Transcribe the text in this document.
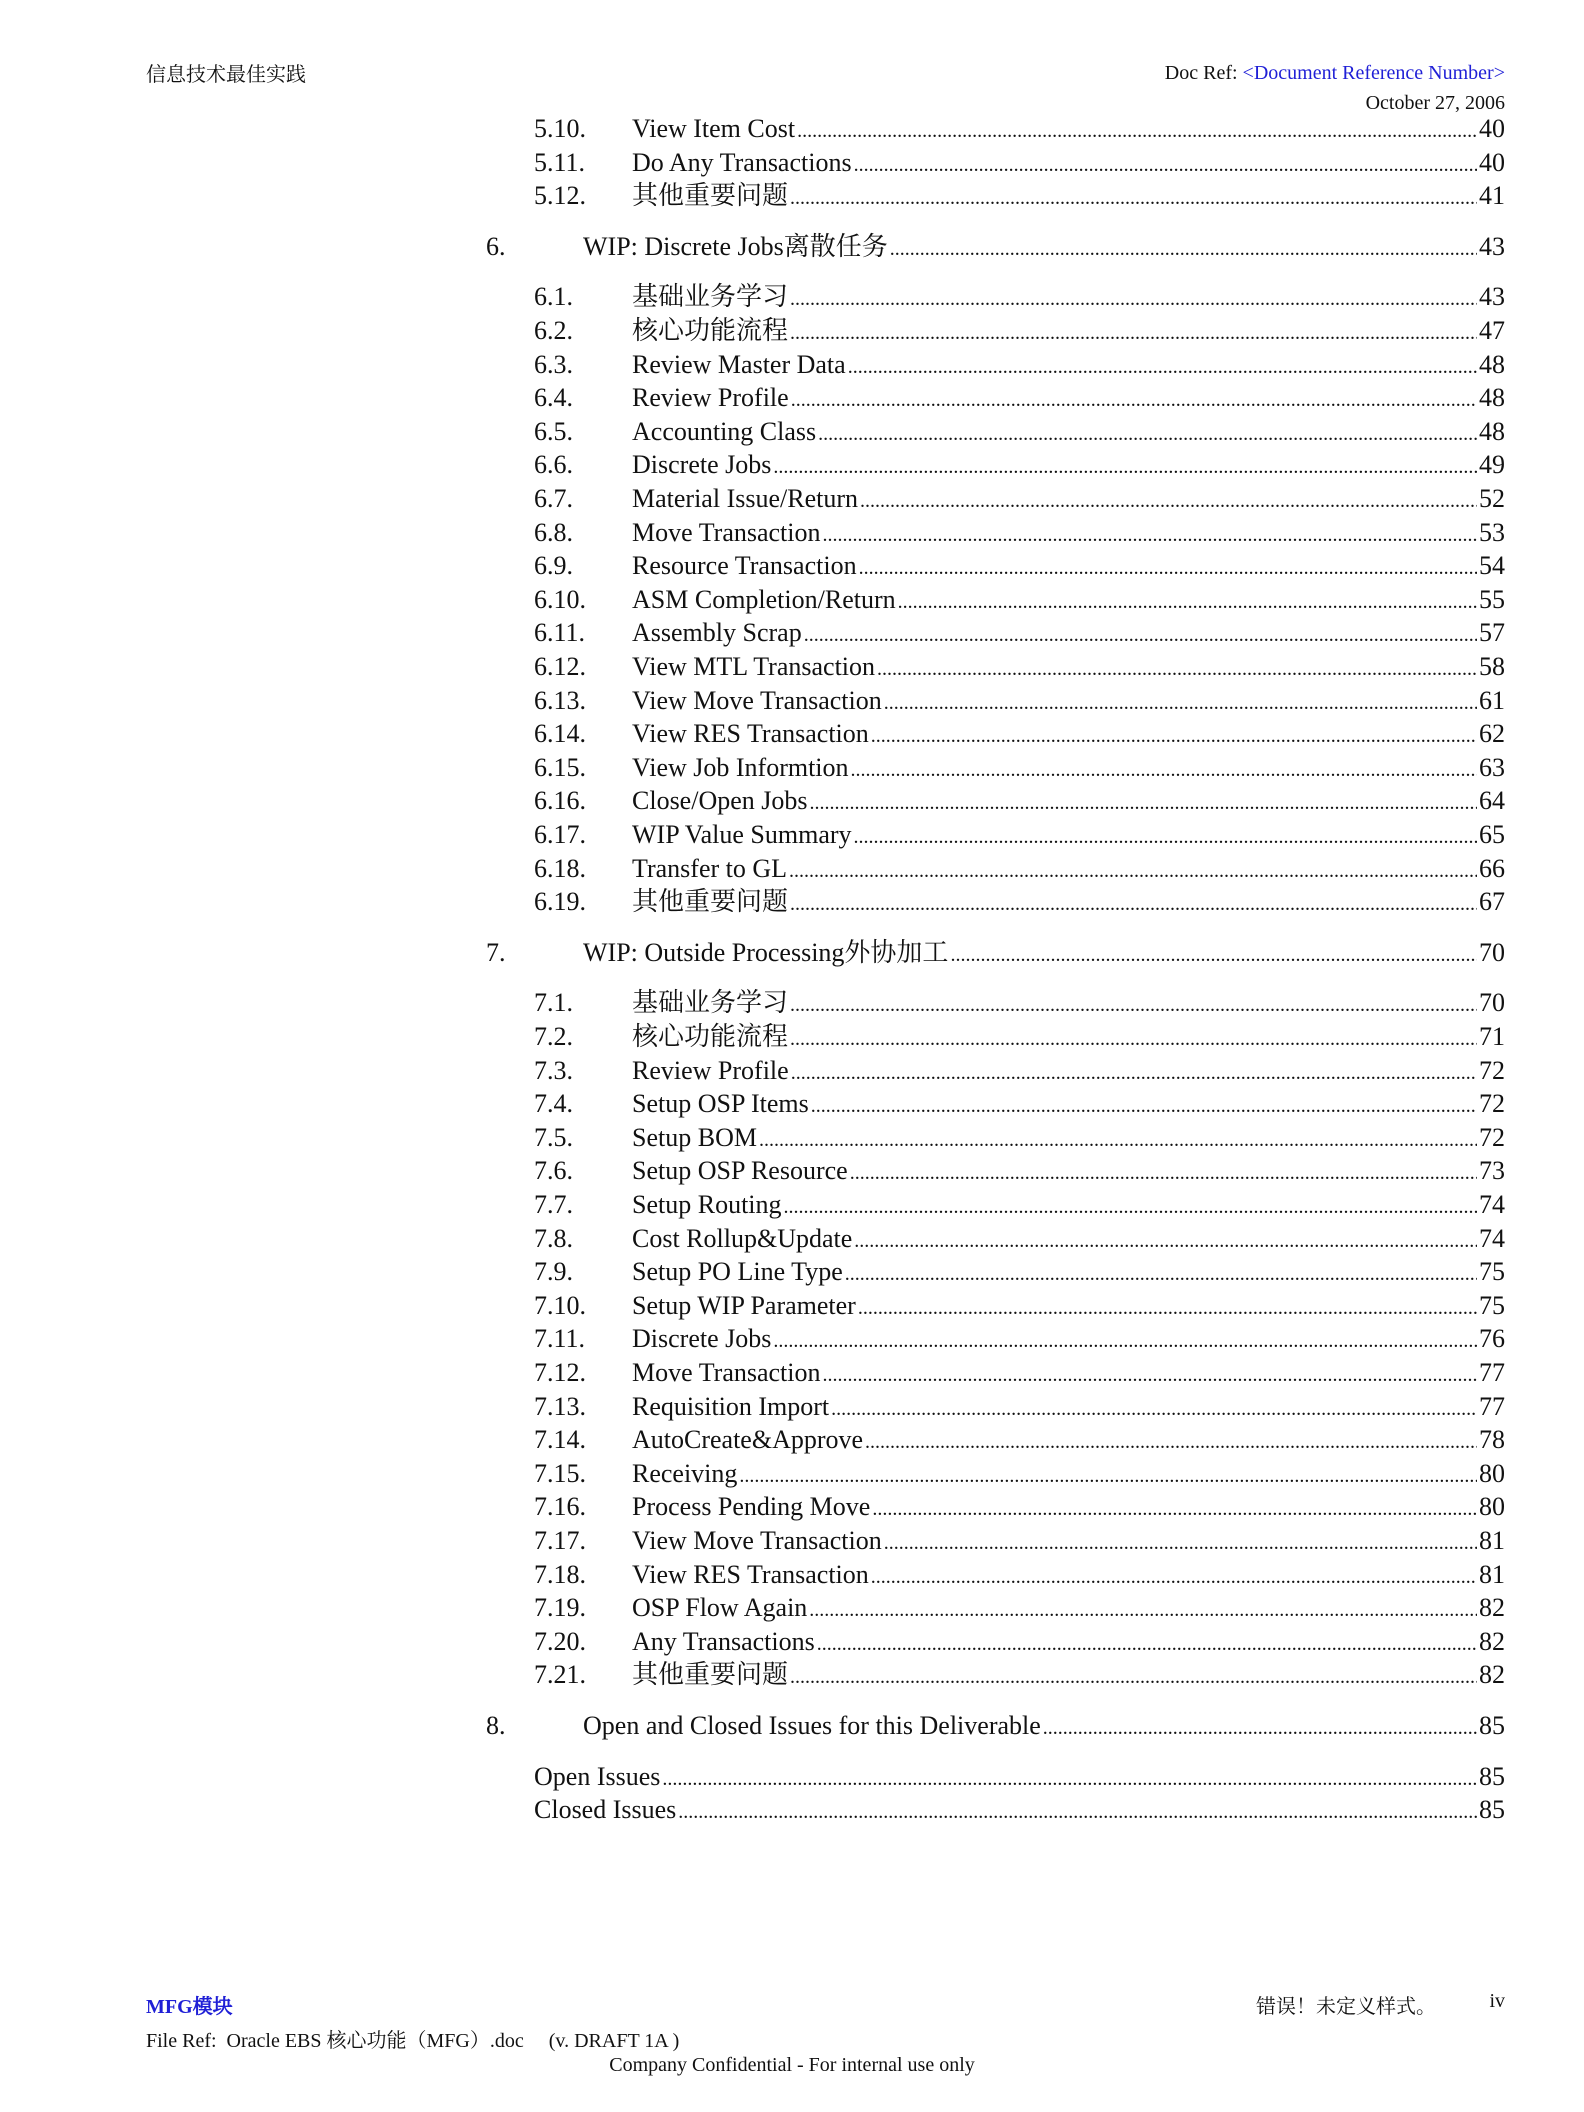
信息技术最佳实践	Doc Ref: <Document Reference Number>
October 27, 2006
5.10.	View Item Cost .....	40
5.11.	Do Any Transactions .....	40
5.12.	其他重要问题 .....	41
6.	WIP: Discrete Jobs离散任务 .....	43
6.1.	基础业务学习 .....	43
6.2.	核心功能流程 .....	47
6.3.	Review Master Data .....	48
6.4.	Review Profile .....	48
6.5.	Accounting Class .....	48
6.6.	Discrete Jobs .....	49
6.7.	Material Issue/Return .....	52
6.8.	Move Transaction .....	53
6.9.	Resource Transaction .....	54
6.10.	ASM Completion/Return .....	55
6.11.	Assembly Scrap .....	57
6.12.	View MTL Transaction .....	58
6.13.	View Move Transaction .....	61
6.14.	View RES Transaction .....	62
6.15.	View Job Informtion .....	63
6.16.	Close/Open Jobs .....	64
6.17.	WIP Value Summary .....	65
6.18.	Transfer to GL .....	66
6.19.	其他重要问题 .....	67
7.	WIP: Outside Processing外协加工 .....	70
7.1.	基础业务学习 .....	70
7.2.	核心功能流程 .....	71
7.3.	Review Profile .....	72
7.4.	Setup OSP Items .....	72
7.5.	Setup BOM .....	72
7.6.	Setup OSP Resource .....	73
7.7.	Setup Routing .....	74
7.8.	Cost Rollup&Update .....	74
7.9.	Setup PO Line Type .....	75
7.10.	Setup WIP Parameter .....	75
7.11.	Discrete Jobs .....	76
7.12.	Move Transaction .....	77
7.13.	Requisition Import .....	77
7.14.	AutoCreate&Approve .....	78
7.15.	Receiving .....	80
7.16.	Process Pending Move .....	80
7.17.	View Move Transaction .....	81
7.18.	View RES Transaction .....	81
7.19.	OSP Flow Again .....	82
7.20.	Any Transactions .....	82
7.21.	其他重要问题 .....	82
8.	Open and Closed Issues for this Deliverable .....	85
Open Issues .....	85
Closed Issues .....	85
MFG模块	错误！未定义样式。	iv
File Ref:  Oracle EBS 核心功能（MFG）.doc     (v. DRAFT 1A )
Company Confidential - For internal use only
